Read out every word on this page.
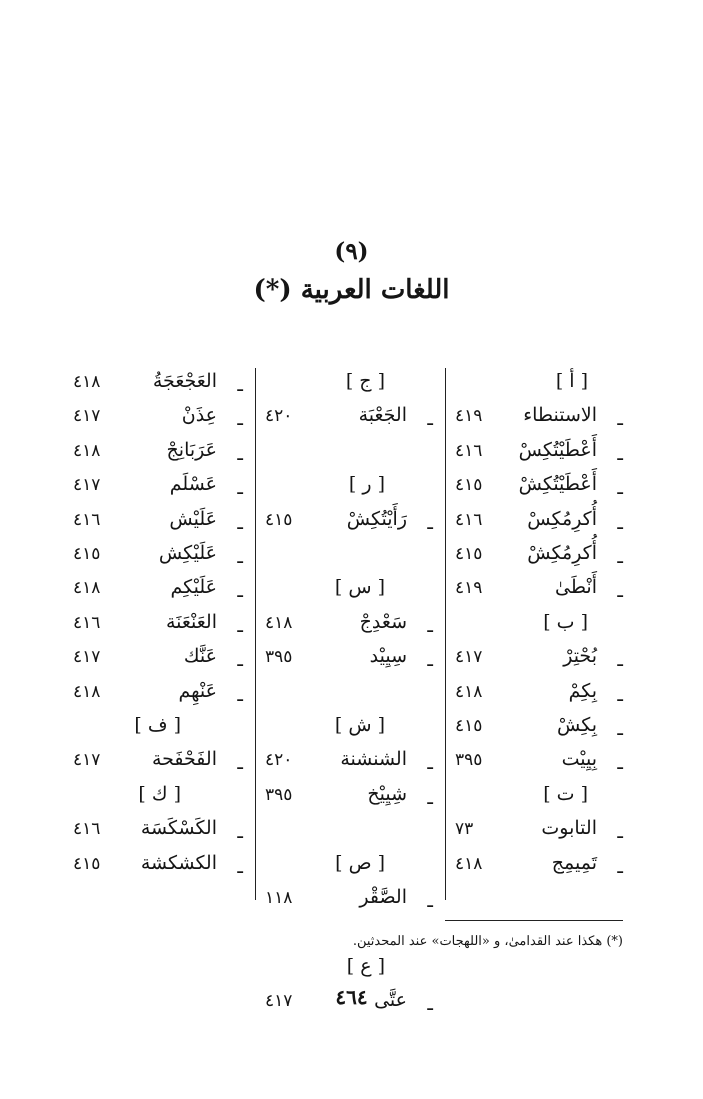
(٩)
اللغات العربية (*)
[ أ ]
ـ
الاستنطاء
٤١٩
ـ
أَعْطَيْتُكِسْ
٤١٦
ـ
أَعْطَيْتُكِشْ
٤١٥
ـ
أُكرِمُكِسْ
٤١٦
ـ
أُكرِمُكِشْ
٤١٥
ـ
أَنْطَىٰ
٤١٩
[ ب ]
ـ
بُحْتِرْ
٤١٧
ـ
بِكِمْ
٤١٨
ـ
بِكِشْ
٤١٥
ـ
بِيِيْت
٣٩٥
[ ت ]
ـ
التابوت
٧٣
ـ
تَمِيمِج
٤١٨
[ ج ]
ـ
الجَعْبَة
٤٢٠
[ ر ]
ـ
رَأَيْتُكِشْ
٤١٥
[ س ]
ـ
سَعْدِجْ
٤١٨
ـ
سِيِيْد
٣٩٥
[ ش ]
ـ
الشنشنة
٤٢٠
ـ
شِيِيْخ
٣٩٥
[ ص ]
ـ
الصَّقْر
١١٨
[ ع ]
ـ
عتَّى
٤١٧
ـ
العَجْعَجَةُ
٤١٨
ـ
عِذَنْ
٤١٧
ـ
عَرَبَانِجْ
٤١٨
ـ
عَسْلَم
٤١٧
ـ
عَلَيْش
٤١٦
ـ
عَلَيْكِش
٤١٥
ـ
عَلَيْكِم
٤١٨
ـ
العَنْعَنَة
٤١٦
ـ
عَنَّك
٤١٧
ـ
عَنْهِم
٤١٨
[ ف ]
ـ
الفَحْفَحة
٤١٧
[ ك ]
ـ
الكَسْكَسَة
٤١٦
ـ
الكشكشة
٤١٥
(*) هكذا عند القدامىٰ، و «اللهجات» عند المحدثين.
٤٦٤
